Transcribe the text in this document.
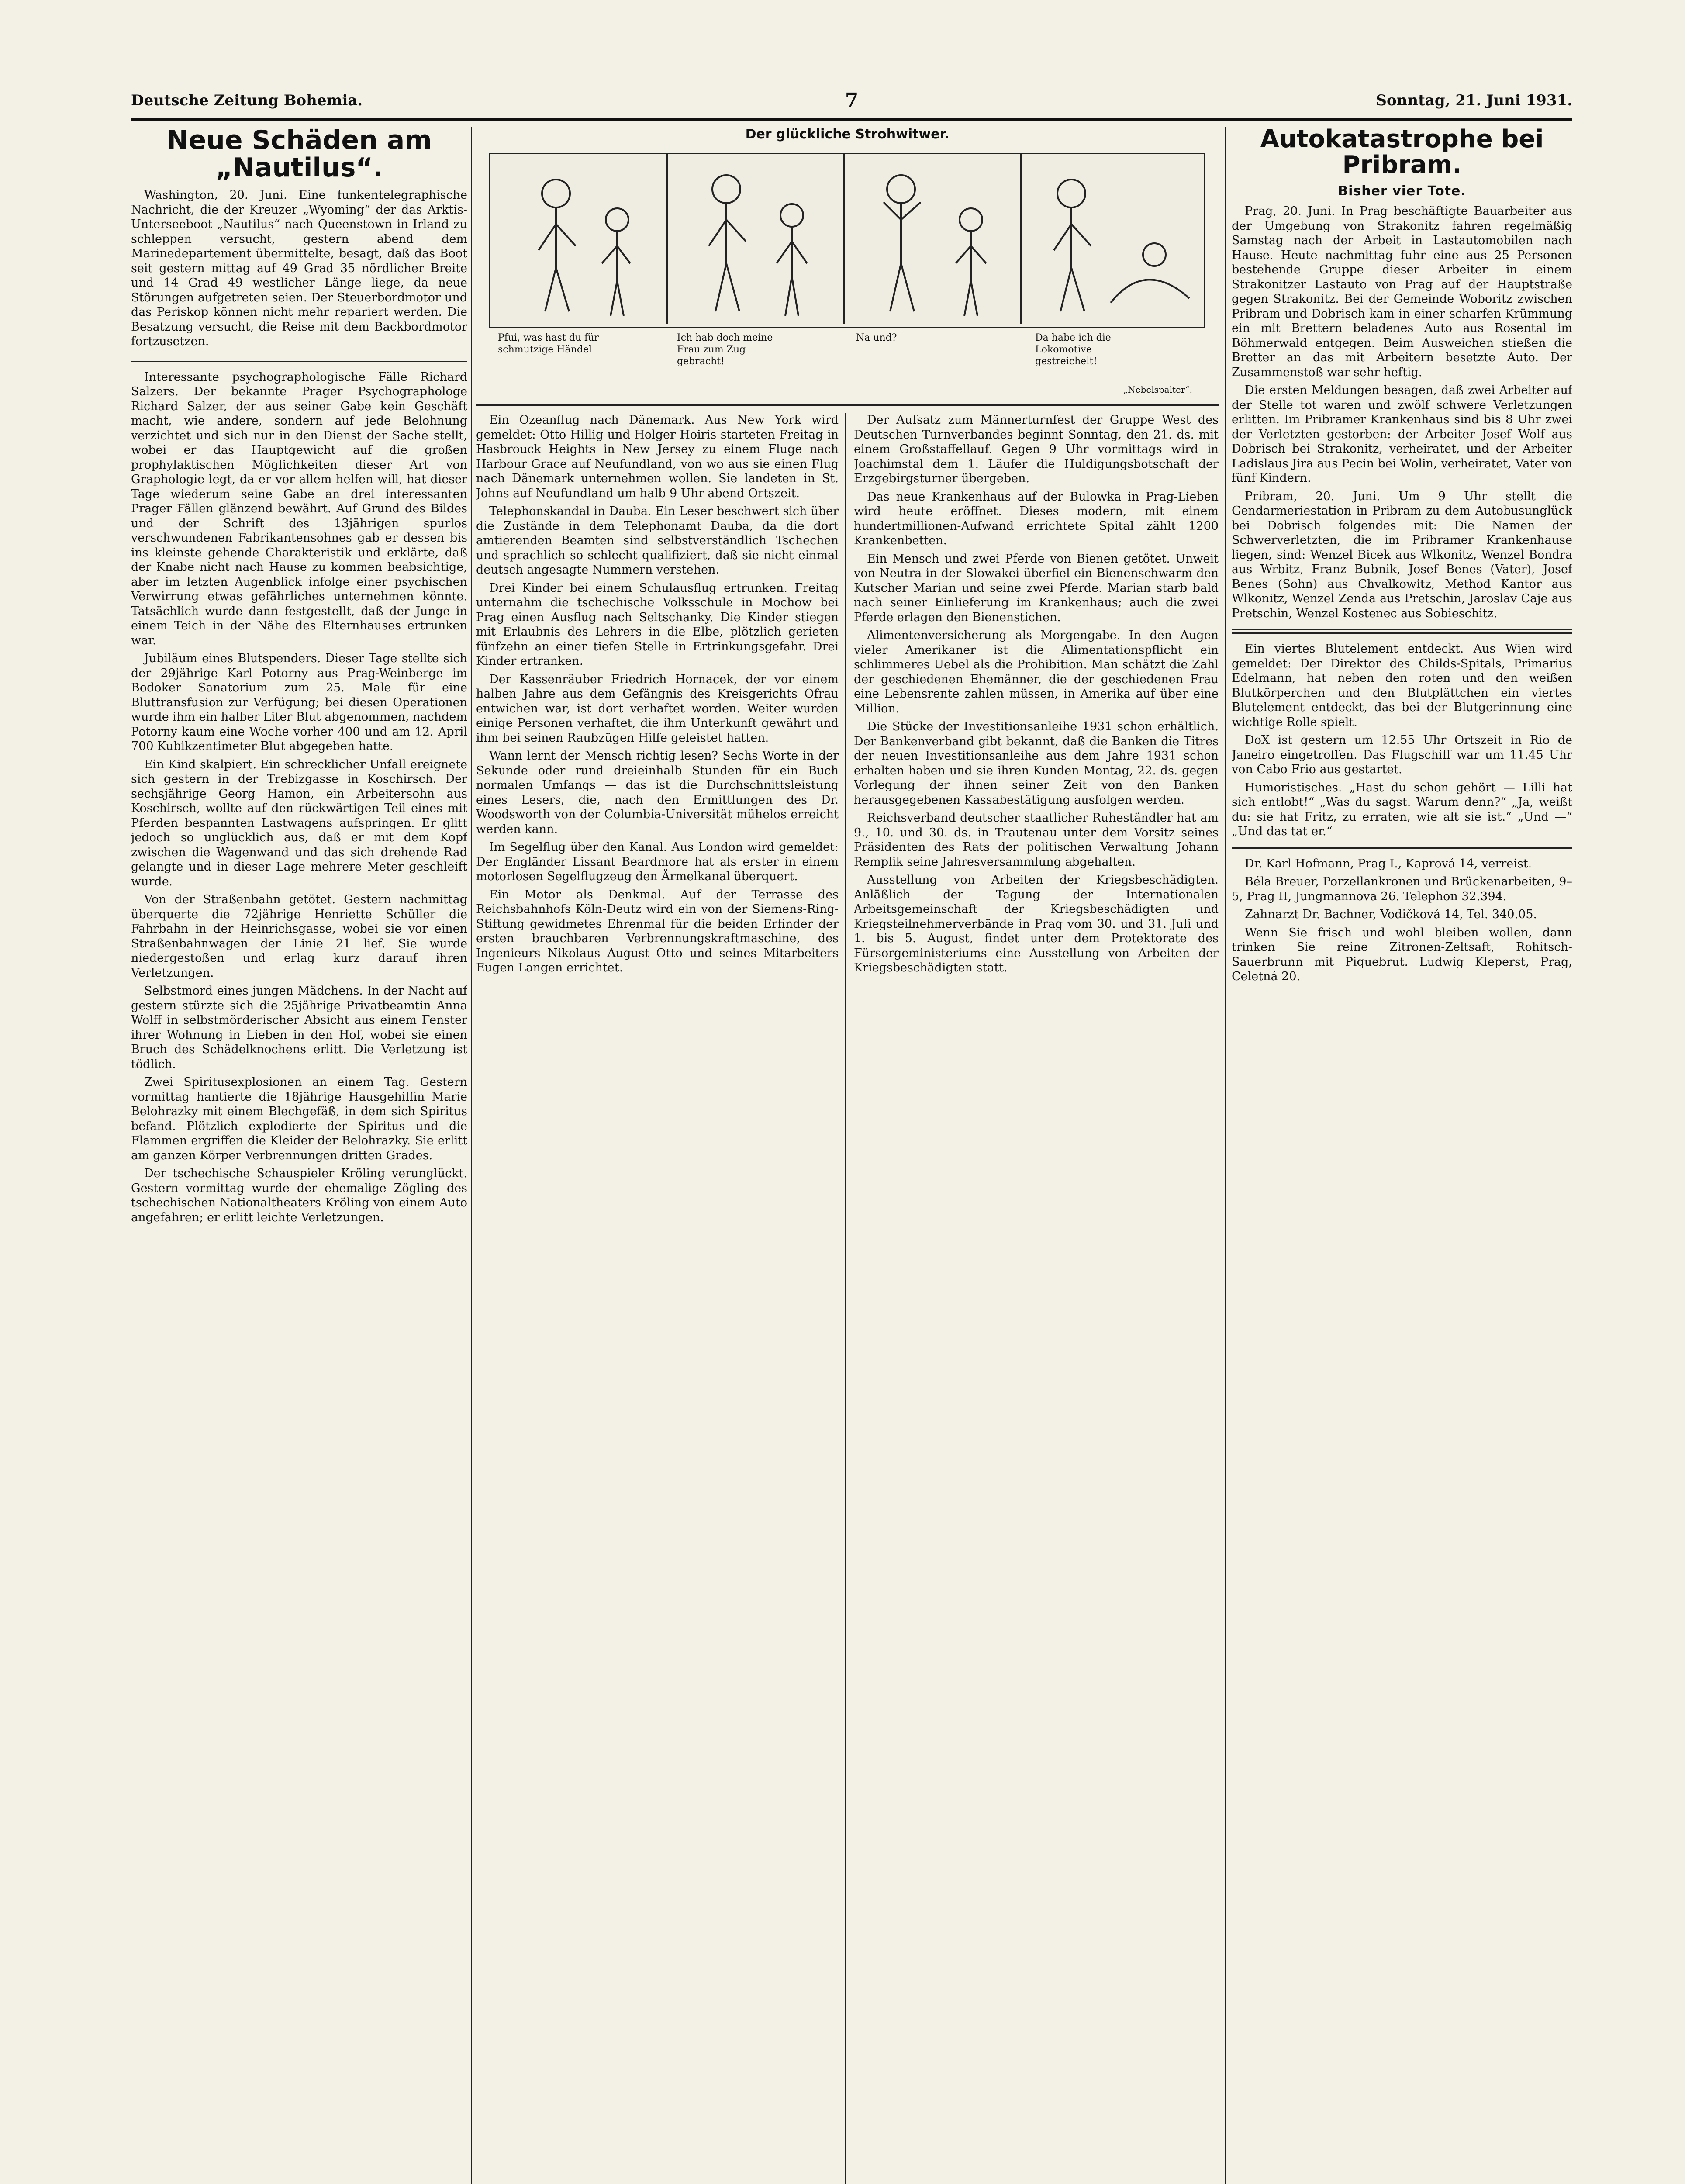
Deutsche Zeitung Bohemia.	7	Sonntag, 21. Juni 1931.
Neue Schäden am „Nautilus“.

Washington, 20. Juni. Eine funkentelegraphische Nachricht, die der Kreuzer „Wyoming“ der das Arktis-Unterseeboot „Nautilus“ nach Queenstown in Irland zu schleppen versucht, gestern abend dem Marinedepartement übermittelte, besagt, daß das Boot seit gestern mittag auf 49 Grad 35 nördlicher Breite und 14 Grad 49 westlicher Länge liege, da neue Störungen aufgetreten seien. Der Steuerbordmotor und das Periskop können nicht mehr repariert werden. Die Besatzung versucht, die Reise mit dem Backbordmotor fortzusetzen.

Interessante psychographologische Fälle Richard Salzers. Der bekannte Prager Psychographologe Richard Salzer, der aus seiner Gabe kein Geschäft macht, wie andere, sondern auf jede Belohnung verzichtet und sich nur in den Dienst der Sache stellt, wobei er das Hauptgewicht auf die großen prophylaktischen Möglichkeiten dieser Art von Graphologie legt, da er vor allem helfen will, hat dieser Tage wiederum seine Gabe an drei interessanten Prager Fällen glänzend bewährt. Auf Grund des Bildes und der Schrift des 13jährigen spurlos verschwundenen Fabrikantensohnes gab er dessen bis ins kleinste gehende Charakteristik und erklärte, daß der Knabe nicht nach Hause zu kommen beabsichtige, aber im letzten Augenblick infolge einer psychischen Verwirrung etwas gefährliches unternehmen könnte. Tatsächlich wurde dann festgestellt, daß der Junge in einem Teich in der Nähe des Elternhauses ertrunken war.

Jubiläum eines Blutspenders. Dieser Tage stellte sich der 29jährige Karl Potorny aus Prag-Weinberge im Bodoker Sanatorium zum 25. Male für eine Bluttransfusion zur Verfügung; bei diesen Operationen wurde ihm ein halber Liter Blut abgenommen, nachdem Potorny kaum eine Woche vorher 400 und am 12. April 700 Kubikzentimeter Blut abgegeben hatte.

Ein Kind skalpiert. Ein schrecklicher Unfall ereignete sich gestern in der Trebizgasse in Koschirsch. Der sechsjährige Georg Hamon, ein Arbeitersohn aus Koschirsch, wollte auf den rückwärtigen Teil eines mit Pferden bespannten Lastwagens aufspringen. Er glitt jedoch so unglücklich aus, daß er mit dem Kopf zwischen die Wagenwand und das sich drehende Rad gelangte und in dieser Lage mehrere Meter geschleift wurde.

Von der Straßenbahn getötet. Gestern nachmittag überquerte die 72jährige Henriette Schüller die Fahrbahn in der Heinrichsgasse, wobei sie vor einen Straßenbahnwagen der Linie 21 lief. Sie wurde niedergestoßen und erlag kurz darauf ihren Verletzungen.

Selbstmord eines jungen Mädchens. In der Nacht auf gestern stürzte sich die 25jährige Privatbeamtin Anna Wolff in selbstmörderischer Absicht aus einem Fenster ihrer Wohnung in Lieben in den Hof, wobei sie einen Bruch des Schädelknochens erlitt. Die Verletzung ist tödlich.

Zwei Spiritusexplosionen an einem Tag. Gestern vormittag hantierte die 18jährige Hausgehilfin Marie Belohrazky mit einem Blechgefäß, in dem sich Spiritus befand. Plötzlich explodierte der Spiritus und die Flammen ergriffen die Kleider der Belohrazky. Sie erlitt am ganzen Körper Verbrennungen dritten Grades.

Der tschechische Schauspieler Kröling verunglückt. Gestern vormittag wurde der ehemalige Zögling des tschechischen Nationaltheaters Kröling von einem Auto angefahren; er erlitt leichte Verletzungen.

Der glückliche Strohwitwer.
Pfui, was hast du für schmutzige Händel
Ich hab doch meine Frau zum Zug gebracht!
Na und?	Da habe ich die Lokomotive gestreichelt!
„Nebelspalter“.

Ein Ozeanflug nach Dänemark. Aus New York wird gemeldet: Otto Hillig und Holger Hoiris starteten Freitag in Hasbrouck Heights in New Jersey zu einem Fluge nach Harbour Grace auf Neufundland, von wo aus sie einen Flug nach Dänemark unternehmen wollen. Sie landeten in St. Johns auf Neufundland um halb 9 Uhr abend Ortszeit.

Telephonskandal in Dauba. Ein Leser beschwert sich über die Zustände in dem Telephonamt Dauba, da die dort amtierenden Beamten sind selbstverständlich Tschechen und sprachlich so schlecht qualifiziert, daß sie nicht einmal deutsch angesagte Nummern verstehen.

Drei Kinder bei einem Schulausflug ertrunken. Freitag unternahm die tschechische Volksschule in Mochow bei Prag einen Ausflug nach Seltschanky. Die Kinder stiegen mit Erlaubnis des Lehrers in die Elbe, plötzlich gerieten fünfzehn an einer tiefen Stelle in Ertrinkungsgefahr. Drei Kinder ertranken.

Der Kassenräuber Friedrich Hornacek, der vor einem halben Jahre aus dem Gefängnis des Kreisgerichts Ofrau entwichen war, ist dort verhaftet worden. Weiter wurden einige Personen verhaftet, die ihm Unterkunft gewährt und ihm bei seinen Raubzügen Hilfe geleistet hatten.

Wann lernt der Mensch richtig lesen? Sechs Worte in der Sekunde oder rund dreieinhalb Stunden für ein Buch normalen Umfangs — das ist die Durchschnittsleistung eines Lesers, die, nach den Ermittlungen des Dr. Woodsworth von der Columbia-Universität mühelos erreicht werden kann.

Im Segelflug über den Kanal. Aus London wird gemeldet: Der Engländer Lissant Beardmore hat als erster in einem motorlosen Segelflugzeug den Ärmelkanal überquert.

Ein Motor als Denkmal. Auf der Terrasse des Reichsbahnhofs Köln-Deutz wird ein von der Siemens-Ring-Stiftung gewidmetes Ehrenmal für die beiden Erfinder der ersten brauchbaren Verbrennungskraftmaschine, des Ingenieurs Nikolaus August Otto und seines Mitarbeiters Eugen Langen errichtet.

Der Aufsatz zum Männerturnfest der Gruppe West des Deutschen Turnverbandes beginnt Sonntag, den 21. ds. mit einem Großstaffellauf. Gegen 9 Uhr vormittags wird in Joachimstal dem 1. Läufer die Huldigungsbotschaft der Erzgebirgsturner übergeben.

Das neue Krankenhaus auf der Bulowka in Prag-Lieben wird heute eröffnet. Dieses modern, mit einem hundertmillionen-Aufwand errichtete Spital zählt 1200 Krankenbetten.

Ein Mensch und zwei Pferde von Bienen getötet. Unweit von Neutra in der Slowakei überfiel ein Bienenschwarm den Kutscher Marian und seine zwei Pferde. Marian starb bald nach seiner Einlieferung im Krankenhaus; auch die zwei Pferde erlagen den Bienenstichen.

Alimentenversicherung als Morgengabe. In den Augen vieler Amerikaner ist die Alimentationspflicht ein schlimmeres Uebel als die Prohibition. Man schätzt die Zahl der geschiedenen Ehemänner, die der geschiedenen Frau eine Lebensrente zahlen müssen, in Amerika auf über eine Million.

Die Stücke der Investitionsanleihe 1931 schon erhältlich. Der Bankenverband gibt bekannt, daß die Banken die Titres der neuen Investitionsanleihe aus dem Jahre 1931 schon erhalten haben und sie ihren Kunden Montag, 22. ds. gegen Vorlegung der ihnen seiner Zeit von den Banken herausgegebenen Kassabestätigung ausfolgen werden.

Reichsverband deutscher staatlicher Ruheständler hat am 9., 10. und 30. ds. in Trautenau unter dem Vorsitz seines Präsidenten des Rats der politischen Verwaltung Johann Remplik seine Jahresversammlung abgehalten.

Ausstellung von Arbeiten der Kriegsbeschädigten. Anläßlich der Tagung der Internationalen Arbeitsgemeinschaft der Kriegsbeschädigten und Kriegsteilnehmerverbände in Prag vom 30. und 31. Juli und 1. bis 5. August, findet unter dem Protektorate des Fürsorgeministeriums eine Ausstellung von Arbeiten der Kriegsbeschädigten statt.

Autokatastrophe bei Pribram.
Bisher vier Tote.

Prag, 20. Juni. In Prag beschäftigte Bauarbeiter aus der Umgebung von Strakonitz fahren regelmäßig Samstag nach der Arbeit in Lastautomobilen nach Hause. Heute nachmittag fuhr eine aus 25 Personen bestehende Gruppe dieser Arbeiter in einem Strakonitzer Lastauto von Prag auf der Hauptstraße gegen Strakonitz. Bei der Gemeinde Woboritz zwischen Pribram und Dobrisch kam in einer scharfen Krümmung ein mit Brettern beladenes Auto aus Rosental im Böhmerwald entgegen. Beim Ausweichen stießen die Bretter an das mit Arbeitern besetzte Auto. Der Zusammenstoß war sehr heftig.

Die ersten Meldungen besagen, daß zwei Arbeiter auf der Stelle tot waren und zwölf schwere Verletzungen erlitten. Im Pribramer Krankenhaus sind bis 8 Uhr zwei der Verletzten gestorben: der Arbeiter Josef Wolf aus Dobrisch bei Strakonitz, verheiratet, und der Arbeiter Ladislaus Jira aus Pecin bei Wolin, verheiratet, Vater von fünf Kindern.

Pribram, 20. Juni. Um 9 Uhr stellt die Gendarmeriestation in Pribram zu dem Autobusunglück bei Dobrisch folgendes mit: Die Namen der Schwerverletzten, die im Pribramer Krankenhause liegen, sind: Wenzel Bicek aus Wlkonitz, Wenzel Bondra aus Wrbitz, Franz Bubnik, Josef Benes (Vater), Josef Benes (Sohn) aus Chvalkowitz, Method Kantor aus Wlkonitz, Wenzel Zenda aus Pretschin, Jaroslav Caje aus Pretschin, Wenzel Kostenec aus Sobieschitz.

Ein viertes Blutelement entdeckt. Aus Wien wird gemeldet: Der Direktor des Childs-Spitals, Primarius Edelmann, hat neben den roten und den weißen Blutkörperchen und den Blutplättchen ein viertes Blutelement entdeckt, das bei der Blutgerinnung eine wichtige Rolle spielt.

DoX ist gestern um 12.55 Uhr Ortszeit in Rio de Janeiro eingetroffen. Das Flugschiff war um 11.45 Uhr von Cabo Frio aus gestartet.

Humoristisches. „Hast du schon gehört — Lilli hat sich entlobt!“ „Was du sagst. Warum denn?“ „Ja, weißt du: sie hat Fritz, zu erraten, wie alt sie ist.“ „Und —“ „Und das tat er.“

Dr. Karl Hofmann, Prag I., Kaprová 14, verreist.

Béla Breuer, Porzellankronen und Brückenarbeiten, 9–5, Prag II, Jungmannova 26. Telephon 32.394.

Zahnarzt Dr. Bachner, Vodičková 14, Tel. 340.05.

Wenn Sie frisch und wohl bleiben wollen, dann trinken Sie reine Zitronen-Zeltsaft, Rohitsch-Sauerbrunn mit Piquebrut. Ludwig Kleperst, Prag, Celetná 20.
